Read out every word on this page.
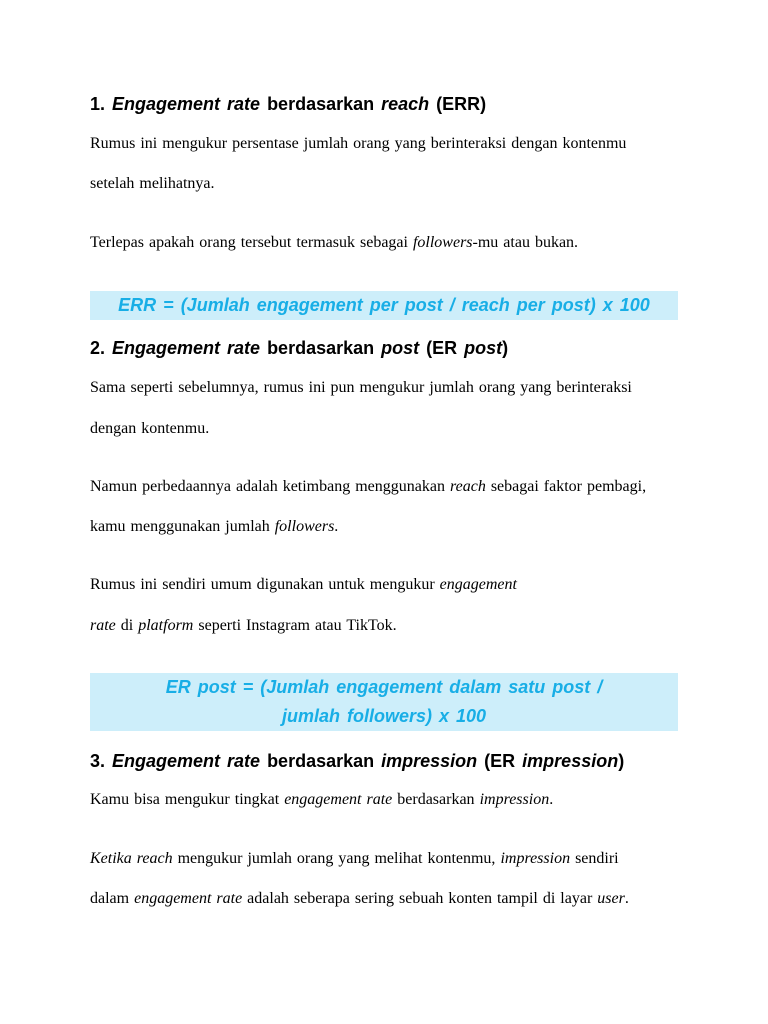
1. Engagement rate berdasarkan reach (ERR)

Rumus ini mengukur persentase jumlah orang yang berinteraksi dengan kontenmu

setelah melihatnya.

Terlepas apakah orang tersebut termasuk sebagai followers-mu atau bukan.

ERR = (Jumlah engagement per post / reach per post) x 100
2. Engagement rate berdasarkan post (ER post)

Sama seperti sebelumnya, rumus ini pun mengukur jumlah orang yang berinteraksi

dengan kontenmu.

Namun perbedaannya adalah ketimbang menggunakan reach sebagai faktor pembagi,

kamu menggunakan jumlah followers.

Rumus ini sendiri umum digunakan untuk mengukur engagement

rate di platform seperti Instagram atau TikTok.

ER post = (Jumlah engagement dalam satu post /
jumlah followers) x 100
3. Engagement rate berdasarkan impression (ER impression)

Kamu bisa mengukur tingkat engagement rate berdasarkan impression.

Ketika reach mengukur jumlah orang yang melihat kontenmu, impression sendiri

dalam engagement rate adalah seberapa sering sebuah konten tampil di layar user.
